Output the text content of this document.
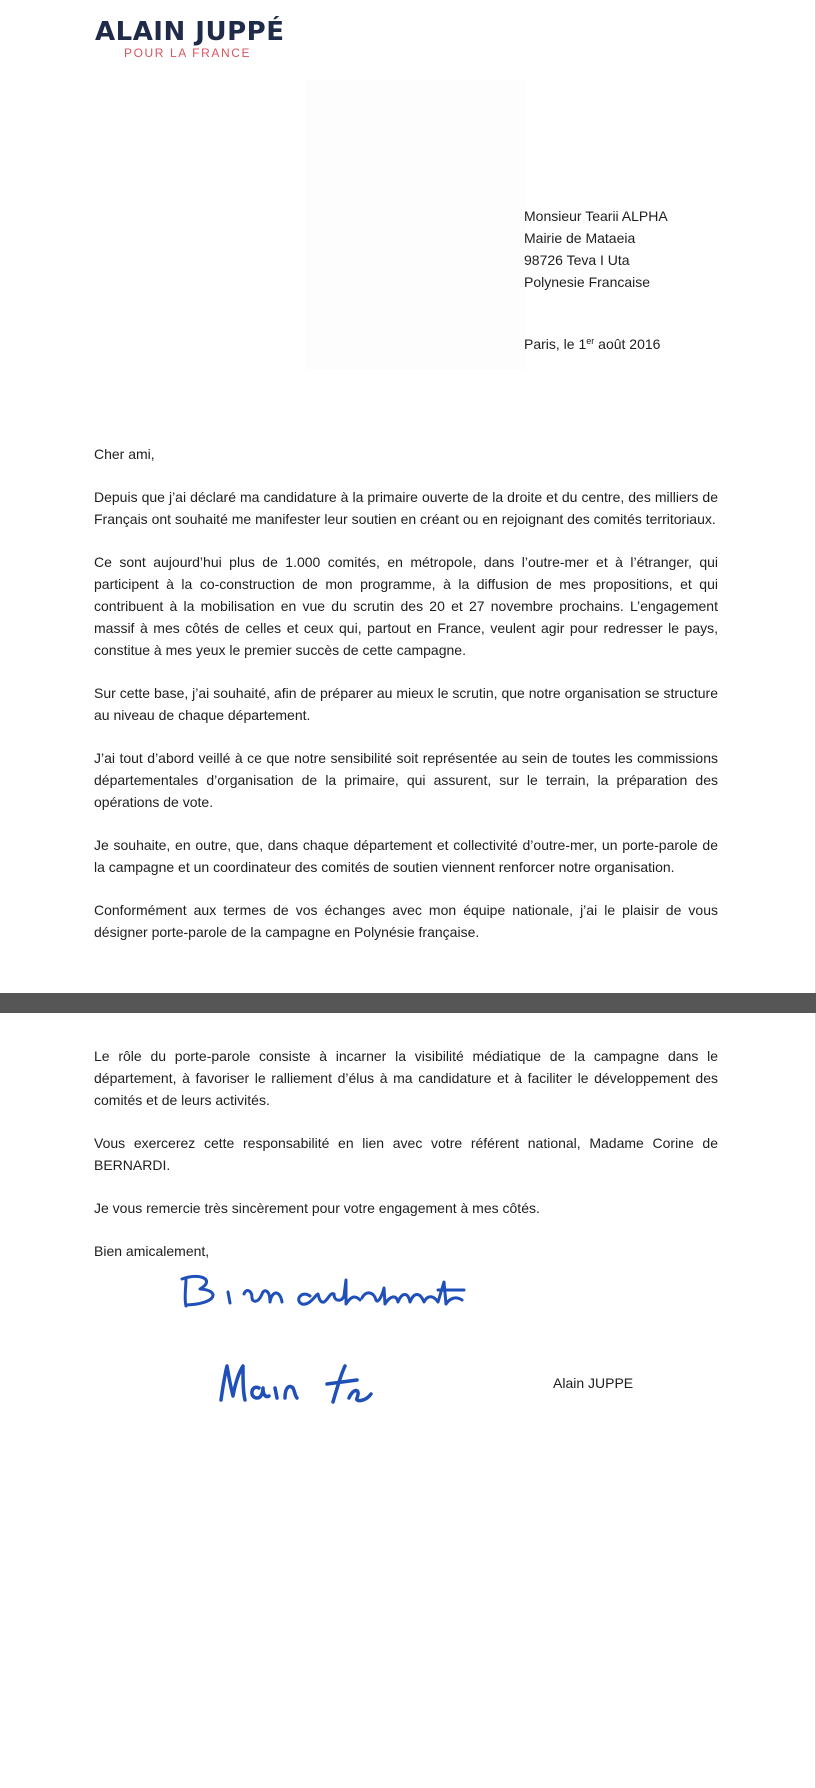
ALAIN JUPPÉ
POUR LA FRANCE
Monsieur Tearii ALPHA
Mairie de Mataeia
98726 Teva I Uta
Polynesie Francaise
Paris, le 1er août 2016

Cher ami,

Depuis que j’ai déclaré ma candidature à la primaire ouverte de la droite et du centre, des milliers de Français ont souhaité me manifester leur soutien en créant ou en rejoignant des comités territoriaux.

Ce sont aujourd’hui plus de 1.000 comités, en métropole, dans l’outre-mer et à l’étranger, qui participent à la co-construction de mon programme, à la diffusion de mes propositions, et qui contribuent à la mobilisation en vue du scrutin des 20 et 27 novembre prochains. L’engagement massif à mes côtés de celles et ceux qui, partout en France, veulent agir pour redresser le pays, constitue à mes yeux le premier succès de cette campagne.

Sur cette base, j’ai souhaité, afin de préparer au mieux le scrutin, que notre organisation se structure au niveau de chaque département.

J’ai tout d’abord veillé à ce que notre sensibilité soit représentée au sein de toutes les commissions départementales d’organisation de la primaire, qui assurent, sur le terrain, la préparation des opérations de vote.

Je souhaite, en outre, que, dans chaque département et collectivité d’outre-mer, un porte-parole de la campagne et un coordinateur des comités de soutien viennent renforcer notre organisation.

Conformément aux termes de vos échanges avec mon équipe nationale, j’ai le plaisir de vous désigner porte-parole de la campagne en Polynésie française.

Le rôle du porte-parole consiste à incarner la visibilité médiatique de la campagne dans le département, à favoriser le ralliement d’élus à ma candidature et à faciliter le développement des comités et de leurs activités.

Vous exercerez cette responsabilité en lien avec votre référent national, Madame Corine de BERNARDI.

Je vous remercie très sincèrement pour votre engagement à mes côtés.

Bien amicalement,

Alain JUPPE
